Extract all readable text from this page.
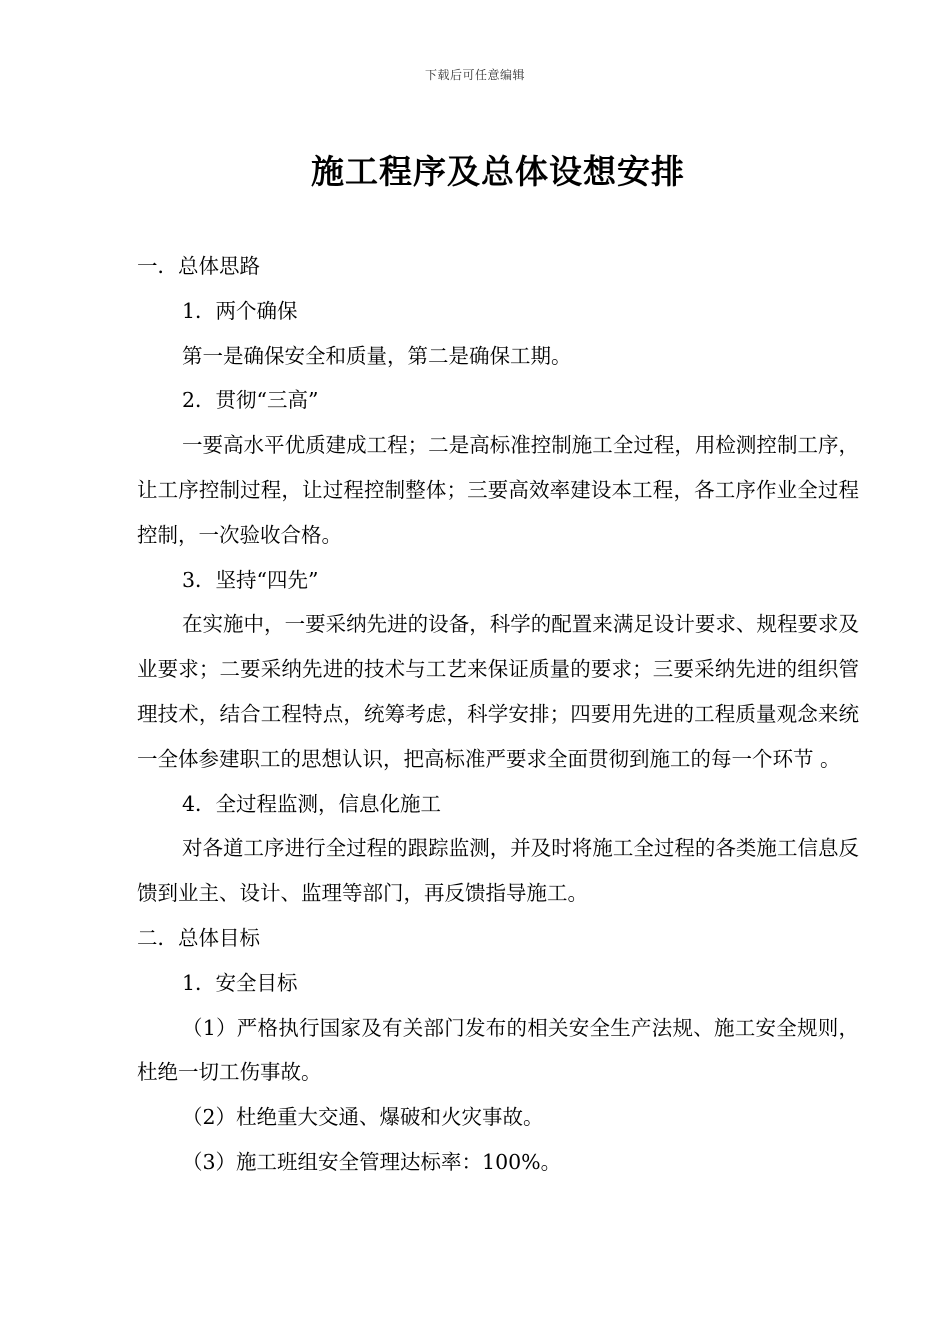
下载后可任意编辑
施工程序及总体设想安排

一．总体思路

1．两个确保

第一是确保安全和质量，第二是确保工期。

2．贯彻“三高”

一要高水平优质建成工程；二是高标准控制施工全过程，用检测控制工序，让工序控制过程，让过程控制整体；三要高效率建设本工程，各工序作业全过程控制，一次验收合格。

3．坚持“四先”

在实施中，一要采纳先进的设备，科学的配置来满足设计要求、规程要求及业要求；二要采纳先进的技术与工艺来保证质量的要求；三要采纳先进的组织管理技术，结合工程特点，统筹考虑，科学安排；四要用先进的工程质量观念来统一全体参建职工的思想认识，把高标准严要求全面贯彻到施工的每一个环节 。

4．全过程监测，信息化施工

对各道工序进行全过程的跟踪监测，并及时将施工全过程的各类施工信息反馈到业主、设计、监理等部门，再反馈指导施工。

二．总体目标

1．安全目标

（1）严格执行国家及有关部门发布的相关安全生产法规、施工安全规则，杜绝一切工伤事故。

（2）杜绝重大交通、爆破和火灾事故。

（3）施工班组安全管理达标率：100%。
